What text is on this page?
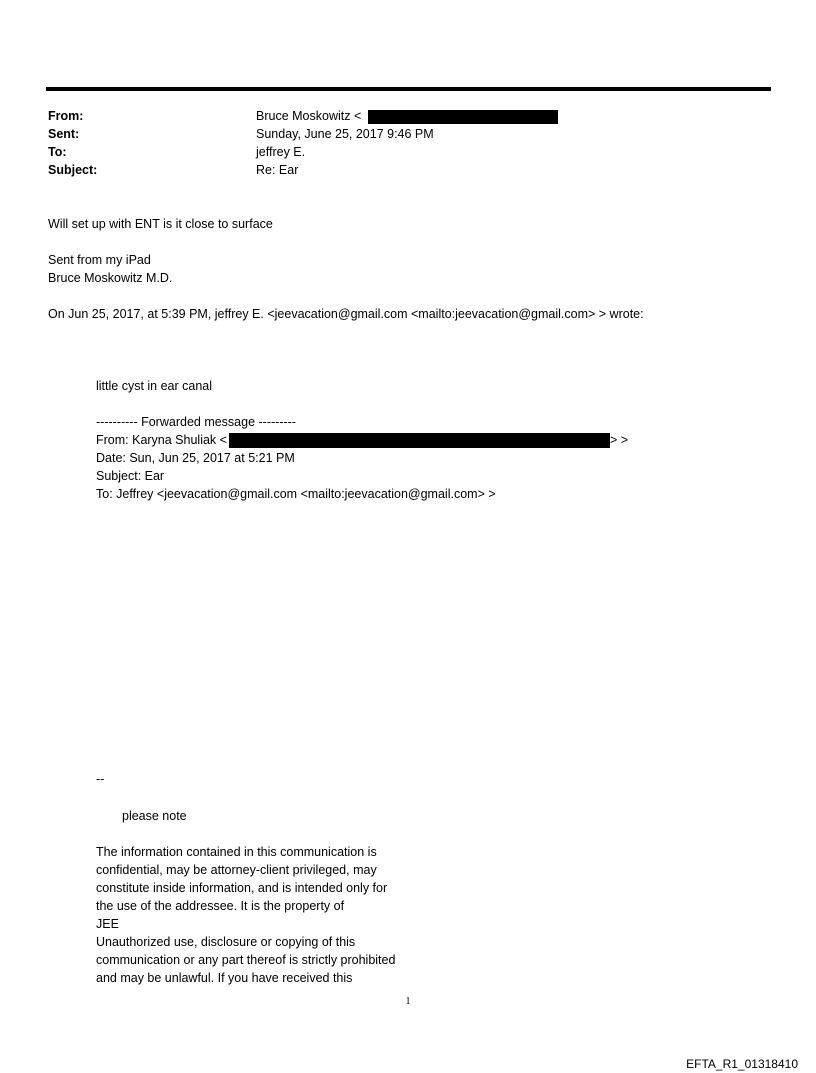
From:	Bruce Moskowitz <
Sent:	Sunday, June 25, 2017 9:46 PM
To:	jeffrey E.
Subject:	Re: Ear
Will set up with ENT is it close to surface
Sent from my iPad
Bruce Moskowitz M.D.
On Jun 25, 2017, at 5:39 PM, jeffrey E. <jeevacation@gmail.com <mailto:jeevacation@gmail.com> > wrote:
little cyst in ear canal
---------- Forwarded message ---------
From: Karyna Shuliak <	> >
Date: Sun, Jun 25, 2017 at 5:21 PM
Subject: Ear
To: Jeffrey <jeevacation@gmail.com <mailto:jeevacation@gmail.com> >
--
please note
The information contained in this communication is
confidential, may be attorney-client privileged, may
constitute inside information, and is intended only for
the use of the addressee. It is the property of
JEE
Unauthorized use, disclosure or copying of this
communication or any part thereof is strictly prohibited
and may be unlawful. If you have received this
1
EFTA_R1_01318410
